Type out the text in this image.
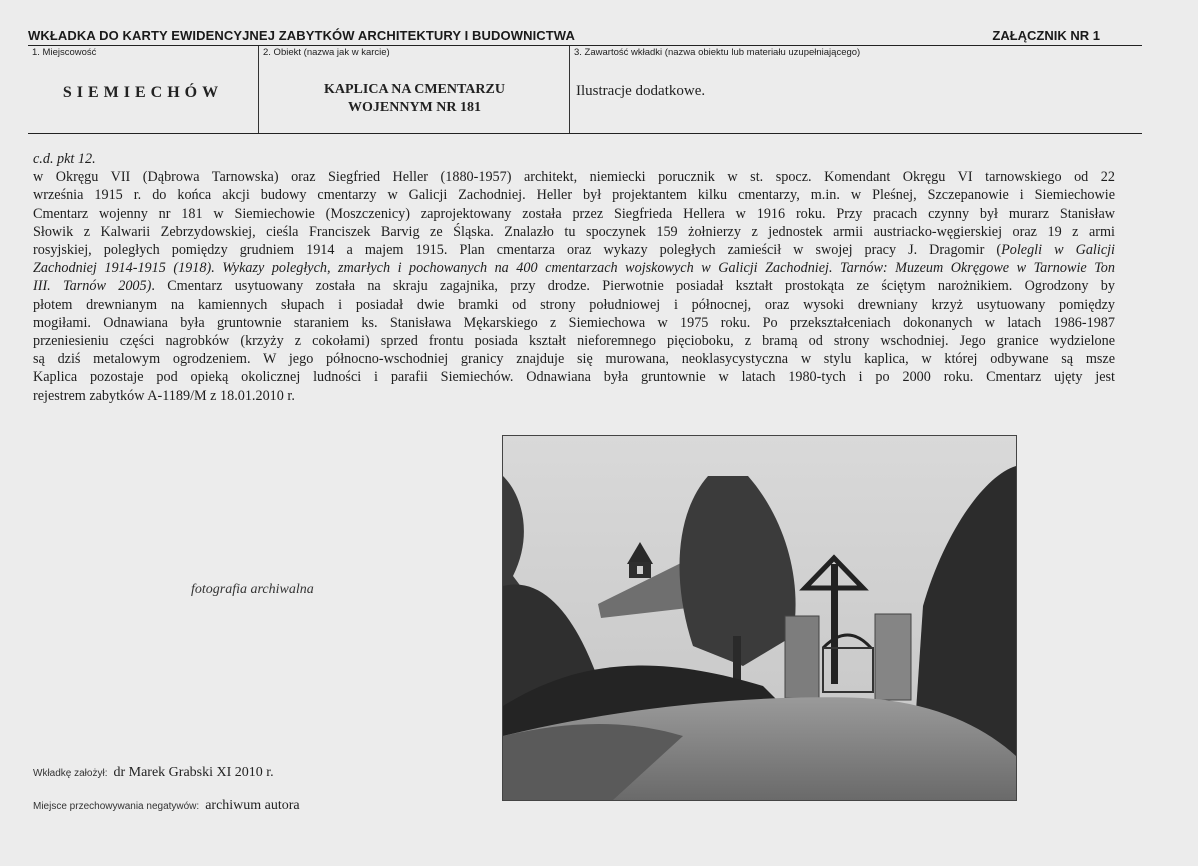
WKŁADKA DO KARTY EWIDENCYJNEJ ZABYTKÓW ARCHITEKTURY I BUDOWNICTWA	ZAŁĄCZNIK NR 1
1. Miejscowość
SIEMIECHÓW
2. Obiekt (nazwa jak w karcie)
KAPLICA NA CMENTARZU
WOJENNYM NR 181
3. Zawartość wkładki (nazwa obiektu lub materiału uzupełniającego)
Ilustracje dodatkowe.
c.d. pkt 12.
w Okręgu VII (Dąbrowa Tarnowska) oraz Siegfried Heller (1880-1957) architekt, niemiecki porucznik w st. spocz. Komendant Okręgu VI tarnowskiego od 22
września 1915 r. do końca akcji budowy cmentarzy w Galicji Zachodniej. Heller był projektantem kilku cmentarzy, m.in. w Pleśnej, Szczepanowie i Siemiechowie
Cmentarz wojenny nr 181 w Siemiechowie (Moszczenicy) zaprojektowany została przez Siegfrieda Hellera w 1916 roku. Przy pracach czynny był murarz Stanisław
Słowik z Kalwarii Zebrzydowskiej, cieśla Franciszek Barvig ze Śląska. Znalazło tu spoczynek 159 żołnierzy z jednostek armii austriacko-węgierskiej oraz 19 z armi
rosyjskiej, poległych pomiędzy grudniem 1914 a majem 1915. Plan cmentarza oraz wykazy poległych zamieścił w swojej pracy J. Dragomir (Polegli w Galicji
Zachodniej 1914-1915 (1918). Wykazy poległych, zmarłych i pochowanych na 400 cmentarzach wojskowych w Galicji Zachodniej. Tarnów: Muzeum Okręgowe w Tarnowie Ton
III. Tarnów 2005). Cmentarz usytuowany została na skraju zagajnika, przy drodze. Pierwotnie posiadał kształt prostokąta ze ściętym narożnikiem. Ogrodzony by
płotem drewnianym na kamiennych słupach i posiadał dwie bramki od strony południowej i północnej, oraz wysoki drewniany krzyż usytuowany pomiędzy
mogiłami. Odnawiana była gruntownie staraniem ks. Stanisława Mękarskiego z Siemiechowa w 1975 roku. Po przekształceniach dokonanych w latach 1986-1987
przeniesieniu części nagrobków (krzyży z cokołami) sprzed frontu posiada kształt nieforemnego pięcioboku, z bramą od strony wschodniej. Jego granice wydzielone
są dziś metalowym ogrodzeniem. W jego północno-wschodniej granicy znajduje się murowana, neoklasycystyczna w stylu kaplica, w której odbywane są msze
Kaplica pozostaje pod opieką okolicznej ludności i parafii Siemiechów. Odnawiana była gruntownie w latach 1980-tych i po 2000 roku. Cmentarz ujęty jest
rejestrem zabytków A-1189/M z 18.01.2010 r.
fotografia archiwalna
Wkładkę założył: dr Marek Grabski XI 2010 r.
Miejsce przechowywania negatywów: archiwum autora
